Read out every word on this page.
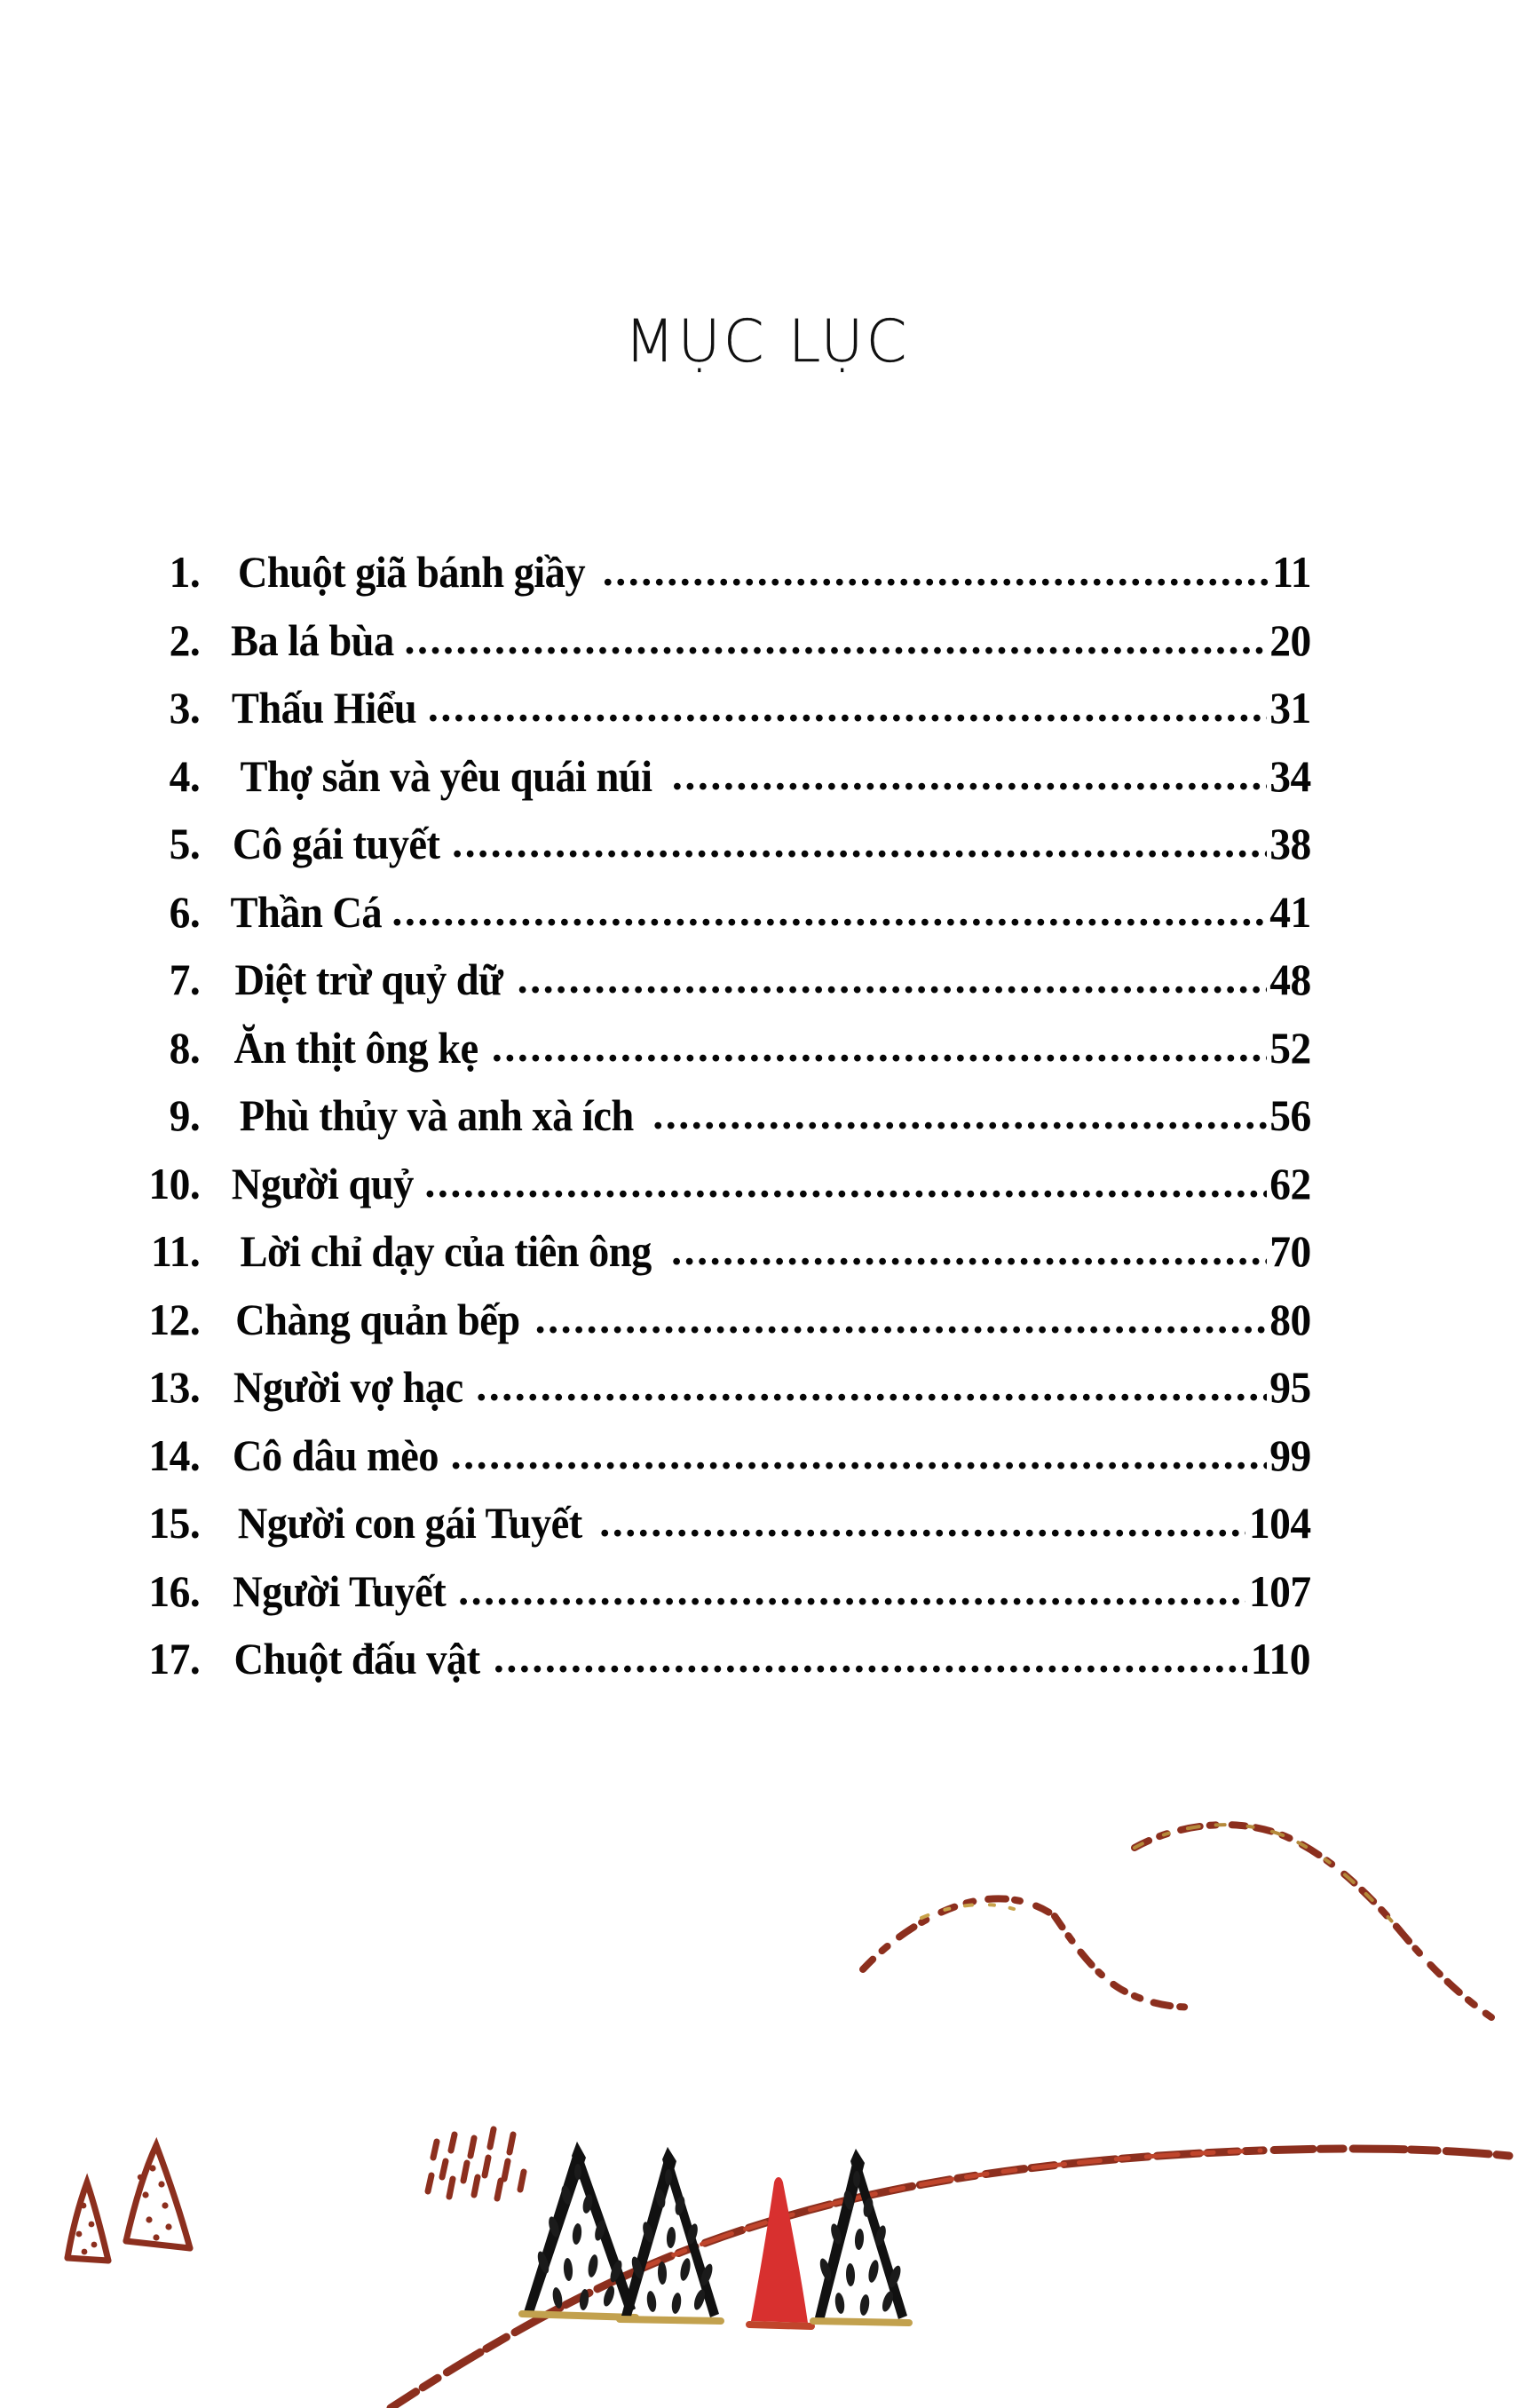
MỤC LỤC
1. Chuột giã bánh giầy .....	11
2. Ba lá bùa .....	20
3. Thấu Hiểu .....	31
4. Thợ săn và yêu quái núi .....	34
5. Cô gái tuyết .....	38
6. Thần Cá .....	41
7. Diệt trừ quỷ dữ .....	48
8. Ăn thịt ông kẹ .....	52
9. Phù thủy và anh xà ích .....	56
10. Người quỷ .....	62
11. Lời chỉ dạy của tiên ông .....	70
12. Chàng quản bếp .....	80
13. Người vợ hạc .....	95
14. Cô dâu mèo .....	99
15. Người con gái Tuyết .....	104
16. Người Tuyết .....	107
17. Chuột đấu vật .....	110
